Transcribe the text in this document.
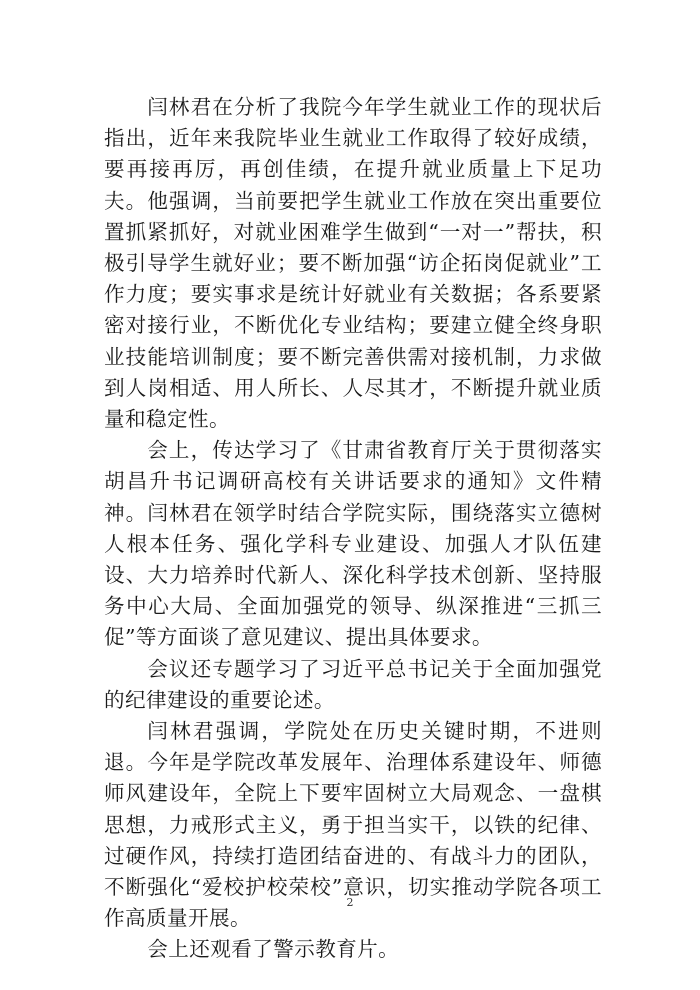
闫林君在分析了我院今年学生就业工作的现状后指出，近年来我院毕业生就业工作取得了较好成绩，要再接再厉，再创佳绩，在提升就业质量上下足功夫。他强调，当前要把学生就业工作放在突出重要位置抓紧抓好，对就业困难学生做到“一对一”帮扶，积极引导学生就好业；要不断加强“访企拓岗促就业”工作力度；要实事求是统计好就业有关数据；各系要紧密对接行业，不断优化专业结构；要建立健全终身职业技能培训制度；要不断完善供需对接机制，力求做到人岗相适、用人所长、人尽其才，不断提升就业质量和稳定性。

会上，传达学习了《甘肃省教育厅关于贯彻落实胡昌升书记调研高校有关讲话要求的通知》文件精神。闫林君在领学时结合学院实际，围绕落实立德树人根本任务、强化学科专业建设、加强人才队伍建设、大力培养时代新人、深化科学技术创新、坚持服务中心大局、全面加强党的领导、纵深推进“三抓三促”等方面谈了意见建议、提出具体要求。

会议还专题学习了习近平总书记关于全面加强党的纪律建设的重要论述。

闫林君强调，学院处在历史关键时期，不进则退。今年是学院改革发展年、治理体系建设年、师德师风建设年，全院上下要牢固树立大局观念、一盘棋思想，力戒形式主义，勇于担当实干，以铁的纪律、过硬作风，持续打造团结奋进的、有战斗力的团队，不断强化“爱校护校荣校”意识，切实推动学院各项工作高质量开展。

会上还观看了警示教育片。

2
